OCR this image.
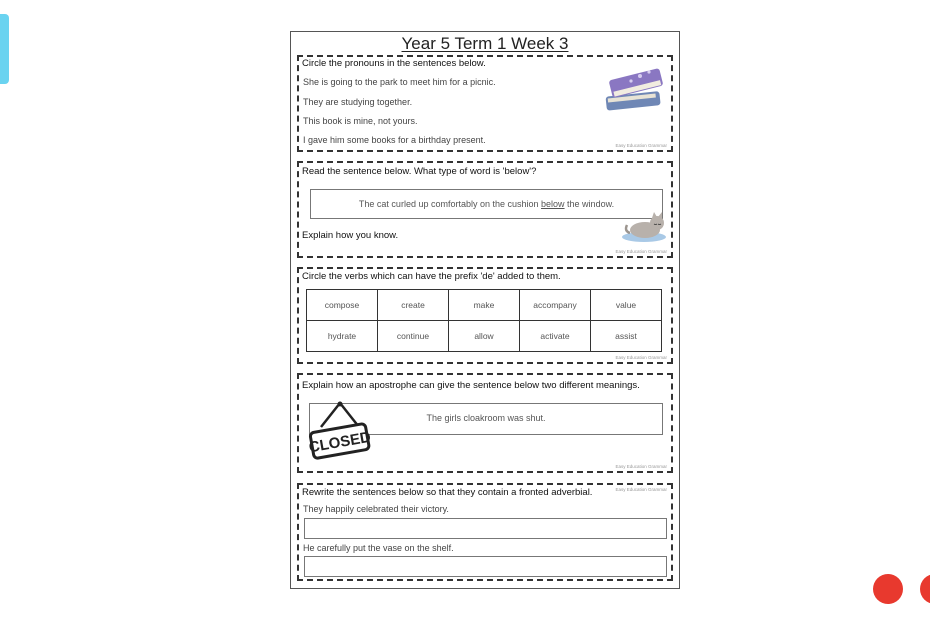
Year 5 Term 1 Week 3
Circle the pronouns in the sentences below.
She is going to the park to meet him for a picnic.
They are studying together.
This book is mine, not yours.
I gave him some books for a birthday present.
Easy Education Grammar
Read the sentence below. What type of word is 'below'?
The cat curled up comfortably on the cushion below the window.
Explain how you know.
Easy Education Grammar
Circle the verbs which can have the prefix 'de' added to them.
compose	create	make	accompany	value
hydrate	continue	allow	activate	assist
Easy Education Grammar
Explain how an apostrophe can give the sentence below two different meanings.
The girls cloakroom was shut.
CLOSED
Easy Education Grammar
Rewrite the sentences below so that they contain a fronted adverbial.	Easy Education Grammar
They happily celebrated their victory.
He carefully put the vase on the shelf.
